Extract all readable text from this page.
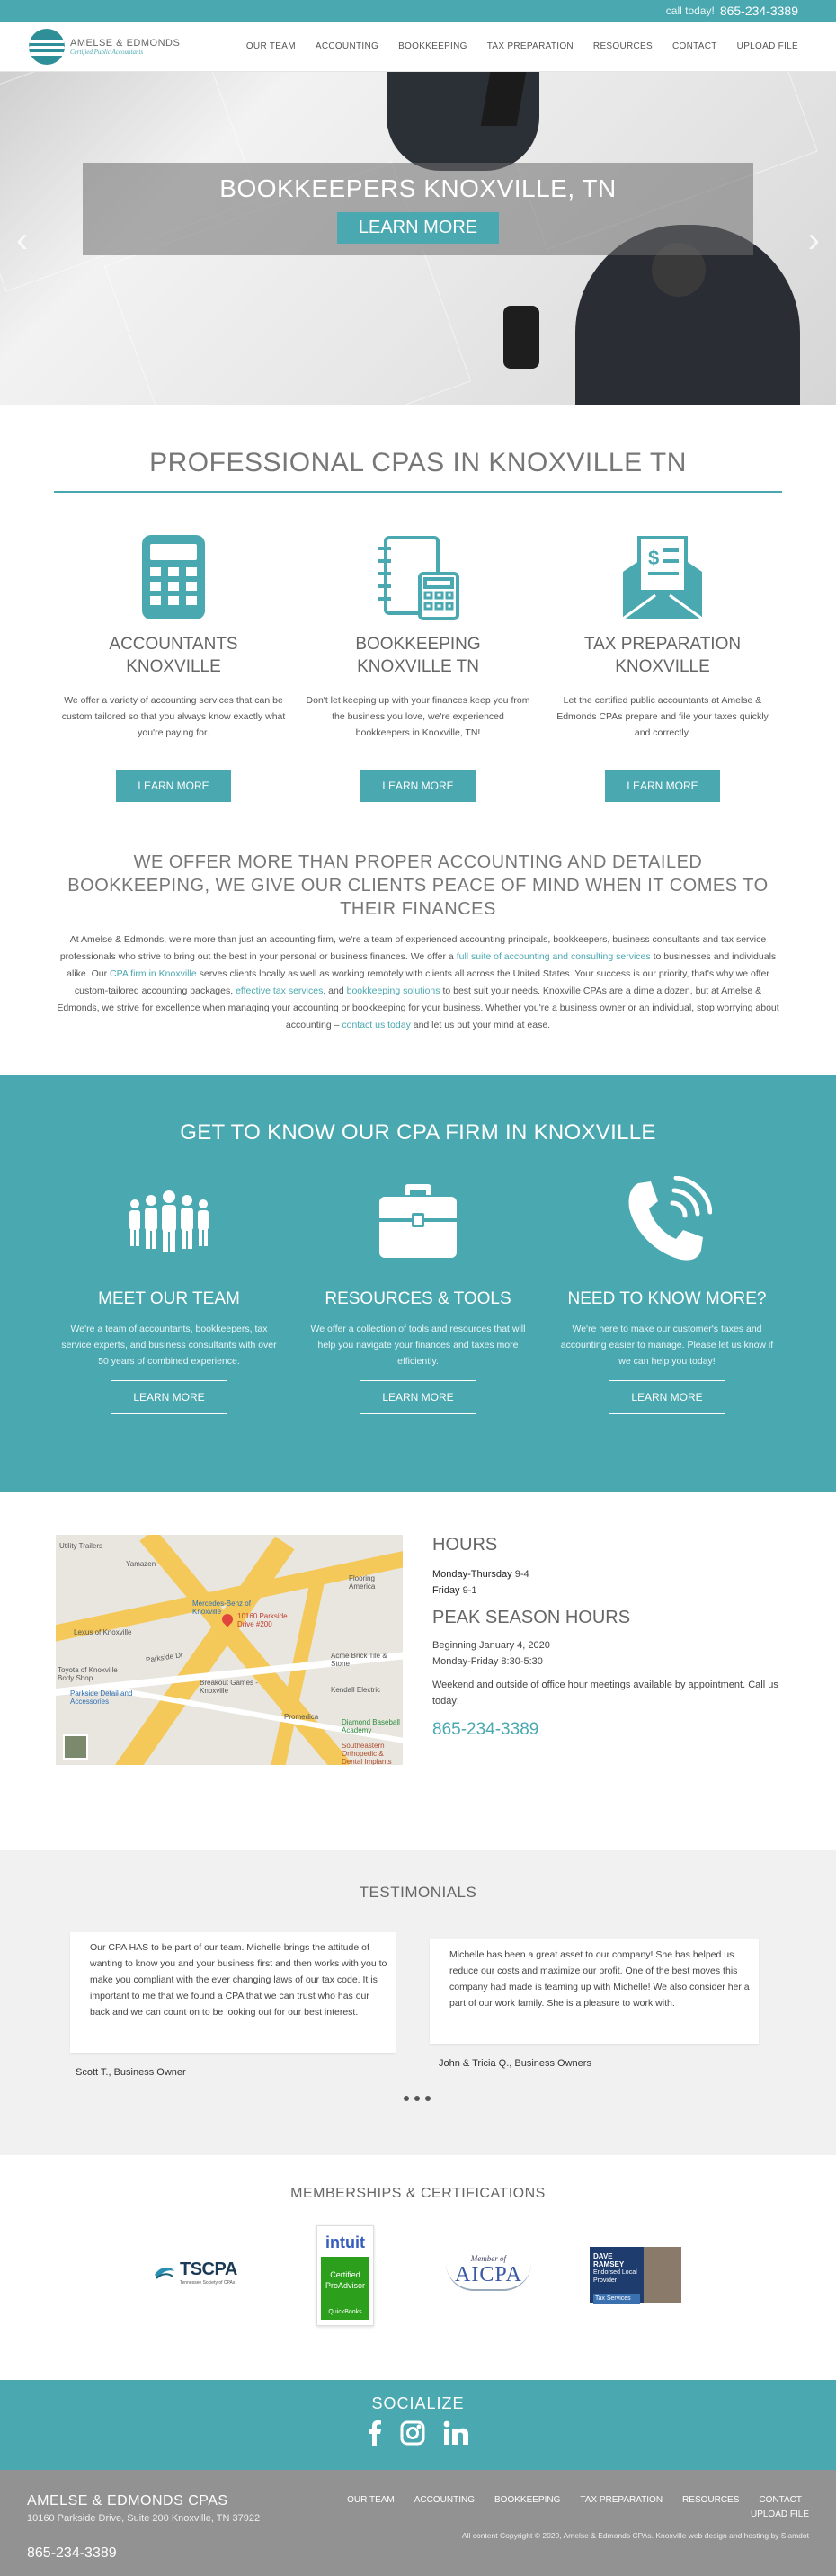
call today! 865-234-3389
AMELSE & EDMONDS
Certified Public Accountants
OUR TEAM ACCOUNTING BOOKKEEPING TAX PREPARATION RESOURCES CONTACT UPLOAD FILE
BOOKKEEPERS KNOXVILLE, TN
LEARN MORE
‹	›
PROFESSIONAL CPAS IN KNOXVILLE TN
ACCOUNTANTS KNOXVILLE

We offer a variety of accounting services that can be custom tailored so that you always know exactly what you're paying for.

LEARN MORE
BOOKKEEPING KNOXVILLE TN

Don't let keeping up with your finances keep you from the business you love, we're experienced bookkeepers in Knoxville, TN!

LEARN MORE
$
TAX PREPARATION KNOXVILLE

Let the certified public accountants at Amelse & Edmonds CPAs prepare and file your taxes quickly and correctly.

LEARN MORE
WE OFFER MORE THAN PROPER ACCOUNTING AND DETAILED BOOKKEEPING, WE GIVE OUR CLIENTS PEACE OF MIND WHEN IT COMES TO THEIR FINANCES

At Amelse & Edmonds, we're more than just an accounting firm, we're a team of experienced accounting principals, bookkeepers, business consultants and tax service professionals who strive to bring out the best in your personal or business finances. We offer a full suite of accounting and consulting services to businesses and individuals alike. Our CPA firm in Knoxville serves clients locally as well as working remotely with clients all across the United States. Your success is our priority, that's why we offer custom-tailored accounting packages, effective tax services, and bookkeeping solutions to best suit your needs. Knoxville CPAs are a dime a dozen, but at Amelse & Edmonds, we strive for excellence when managing your accounting or bookkeeping for your business. Whether you're a business owner or an individual, stop worrying about accounting – contact us today and let us put your mind at ease.

GET TO KNOW OUR CPA FIRM IN KNOXVILLE
MEET OUR TEAM

We're a team of accountants, bookkeepers, tax service experts, and business consultants with over 50 years of combined experience.

LEARN MORE
RESOURCES & TOOLS

We offer a collection of tools and resources that will help you navigate your finances and taxes more efficiently.

LEARN MORE
NEED TO KNOW MORE?

We're here to make our customer's taxes and accounting easier to manage. Please let us know if we can help you today!

LEARN MORE
Utility Trailers
Yamazen
Flooring America
Mercedes-Benz of Knoxville
Lexus of Knoxville
10160 Parkside Drive #200
Acme Brick Tile & Stone
Breakout Games - Knoxville	Kendall Electric
Promedica
Diamond Baseball Academy
Southeastern Orthopedic & Dental Implants
Parkside Detail and Accessories
Toyota of Knoxville Body Shop
Parkside Dr
HOURS
Monday-Thursday 9-4
Friday 9-1
PEAK SEASON HOURS
Beginning January 4, 2020
Monday-Friday 8:30-5:30
Weekend and outside of office hour meetings available by appointment. Call us today!
865-234-3389
TESTIMONIALS
Our CPA HAS to be part of our team. Michelle brings the attitude of wanting to know you and your business first and then works with you to make you compliant with the ever changing laws of our tax code. It is important to me that we found a CPA that we can trust who has our back and we can count on to be looking out for our best interest.
Scott T., Business Owner
Michelle has been a great asset to our company! She has helped us reduce our costs and maximize our profit. One of the best moves this company had made is teaming up with Michelle! We also consider her a part of our work family. She is a pleasure to work with.
John & Tricia Q., Business Owners
MEMBERSHIPS & CERTIFICATIONS
TSCPA
Tennessee Society of CPAs
intuit
Certified
ProAdvisor
QuickBooks
Member of
AICPA
DAVE RAMSEY
Endorsed Local Provider
Tax Services
SOCIALIZE
AMELSE & EDMONDS CPAS
10160 Parkside Drive, Suite 200 Knoxville, TN 37922
865-234-3389
OUR TEAM ACCOUNTING BOOKKEEPING TAX PREPARATION RESOURCES CONTACT
UPLOAD FILE
All content Copyright © 2020, Amelse & Edmonds CPAs. Knoxville web design and hosting by Slamdot
